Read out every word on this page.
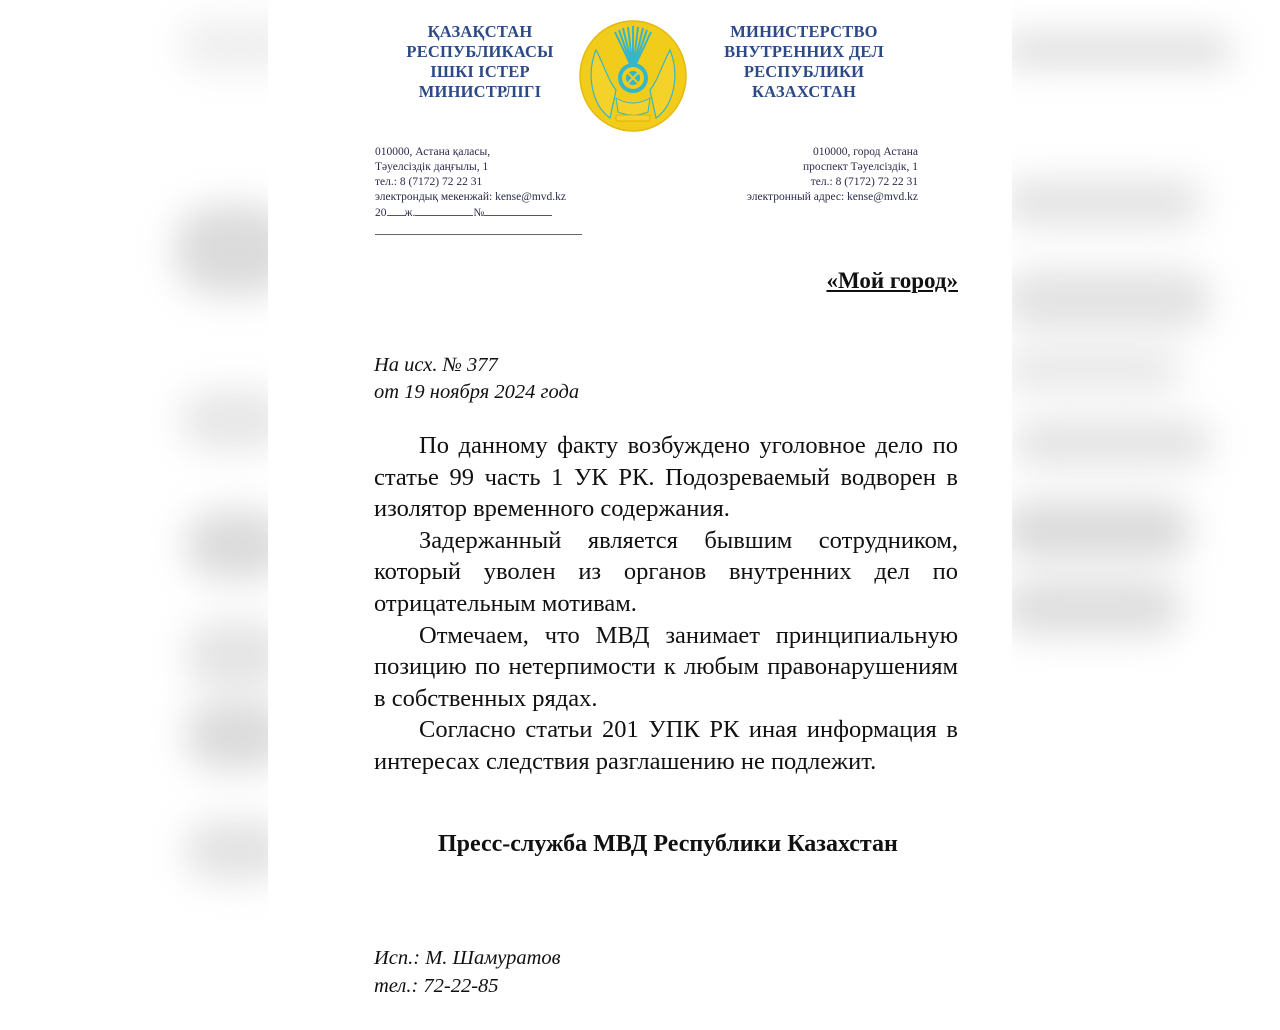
ҚАЗАҚСТАН
РЕСПУБЛИКАСЫ
ІШКІ ІСТЕР
МИНИСТРЛІГІ
МИНИСТЕРСТВО
ВНУТРЕННИХ ДЕЛ
РЕСПУБЛИКИ
КАЗАХСТАН
010000, Астана қаласы,
Тәуелсіздік даңғылы, 1
тел.: 8 (7172) 72 22 31
электрондық мекенжай: kense@mvd.kz
20 ж.	№
010000, город Астана
проспект Тәуелсіздік, 1
тел.: 8 (7172) 72 22 31
электронный адрес: kense@mvd.kz
«Мой город»
На исх. № 377
от 19 ноября 2024 года

По данному факту возбуждено уголовное дело по статье 99 часть 1 УК РК. Подозреваемый водворен в изолятор временного содержания.

Задержанный является бывшим сотрудником, который уволен из органов внутренних дел по отрицательным мотивам.

Отмечаем, что МВД занимает принципиальную позицию по нетерпимости к любым правонарушениям в собственных рядах.

Согласно статьи 201 УПК РК иная информация в интересах следствия разглашению не подлежит.

Пресс-служба МВД Республики Казахстан
Исп.: М. Шамуратов
тел.: 72-22-85
